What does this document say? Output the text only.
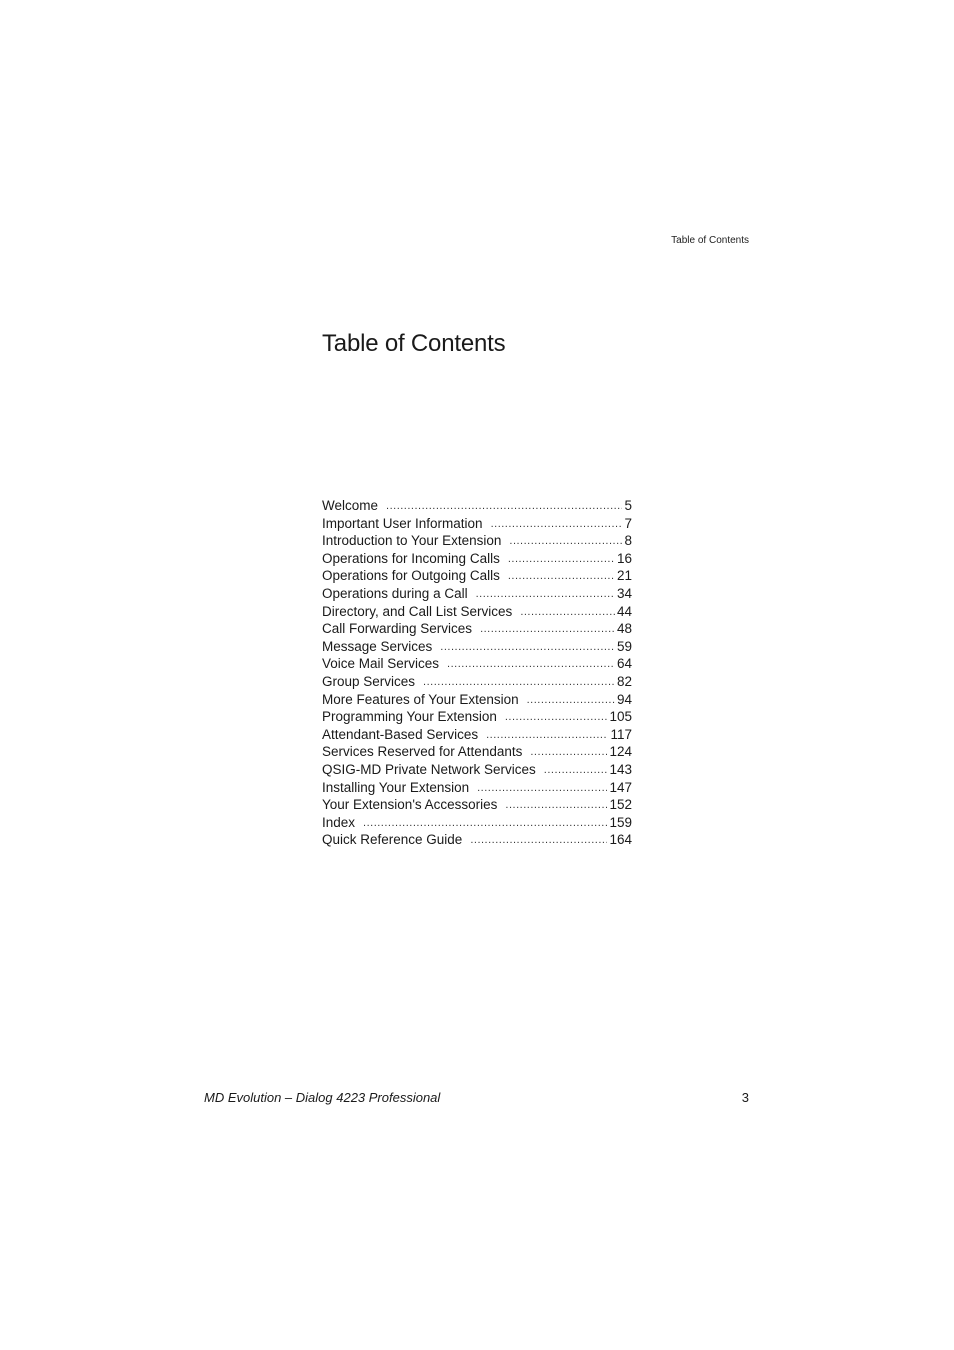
Table of Contents
Table of Contents
Welcome .....	5
Important User Information .....	7
Introduction to Your Extension .....	8
Operations for Incoming Calls .....	16
Operations for Outgoing Calls .....	21
Operations during a Call .....	34
Directory, and Call List Services .....	44
Call Forwarding Services .....	48
Message Services .....	59
Voice Mail Services .....	64
Group Services .....	82
More Features of Your Extension .....	94
Programming Your Extension .....	105
Attendant-Based Services .....	117
Services Reserved for Attendants .....	124
QSIG-MD Private Network Services .....	143
Installing Your Extension .....	147
Your Extension's Accessories .....	152
Index .....	159
Quick Reference Guide .....	164
MD Evolution – Dialog 4223 Professional	3
